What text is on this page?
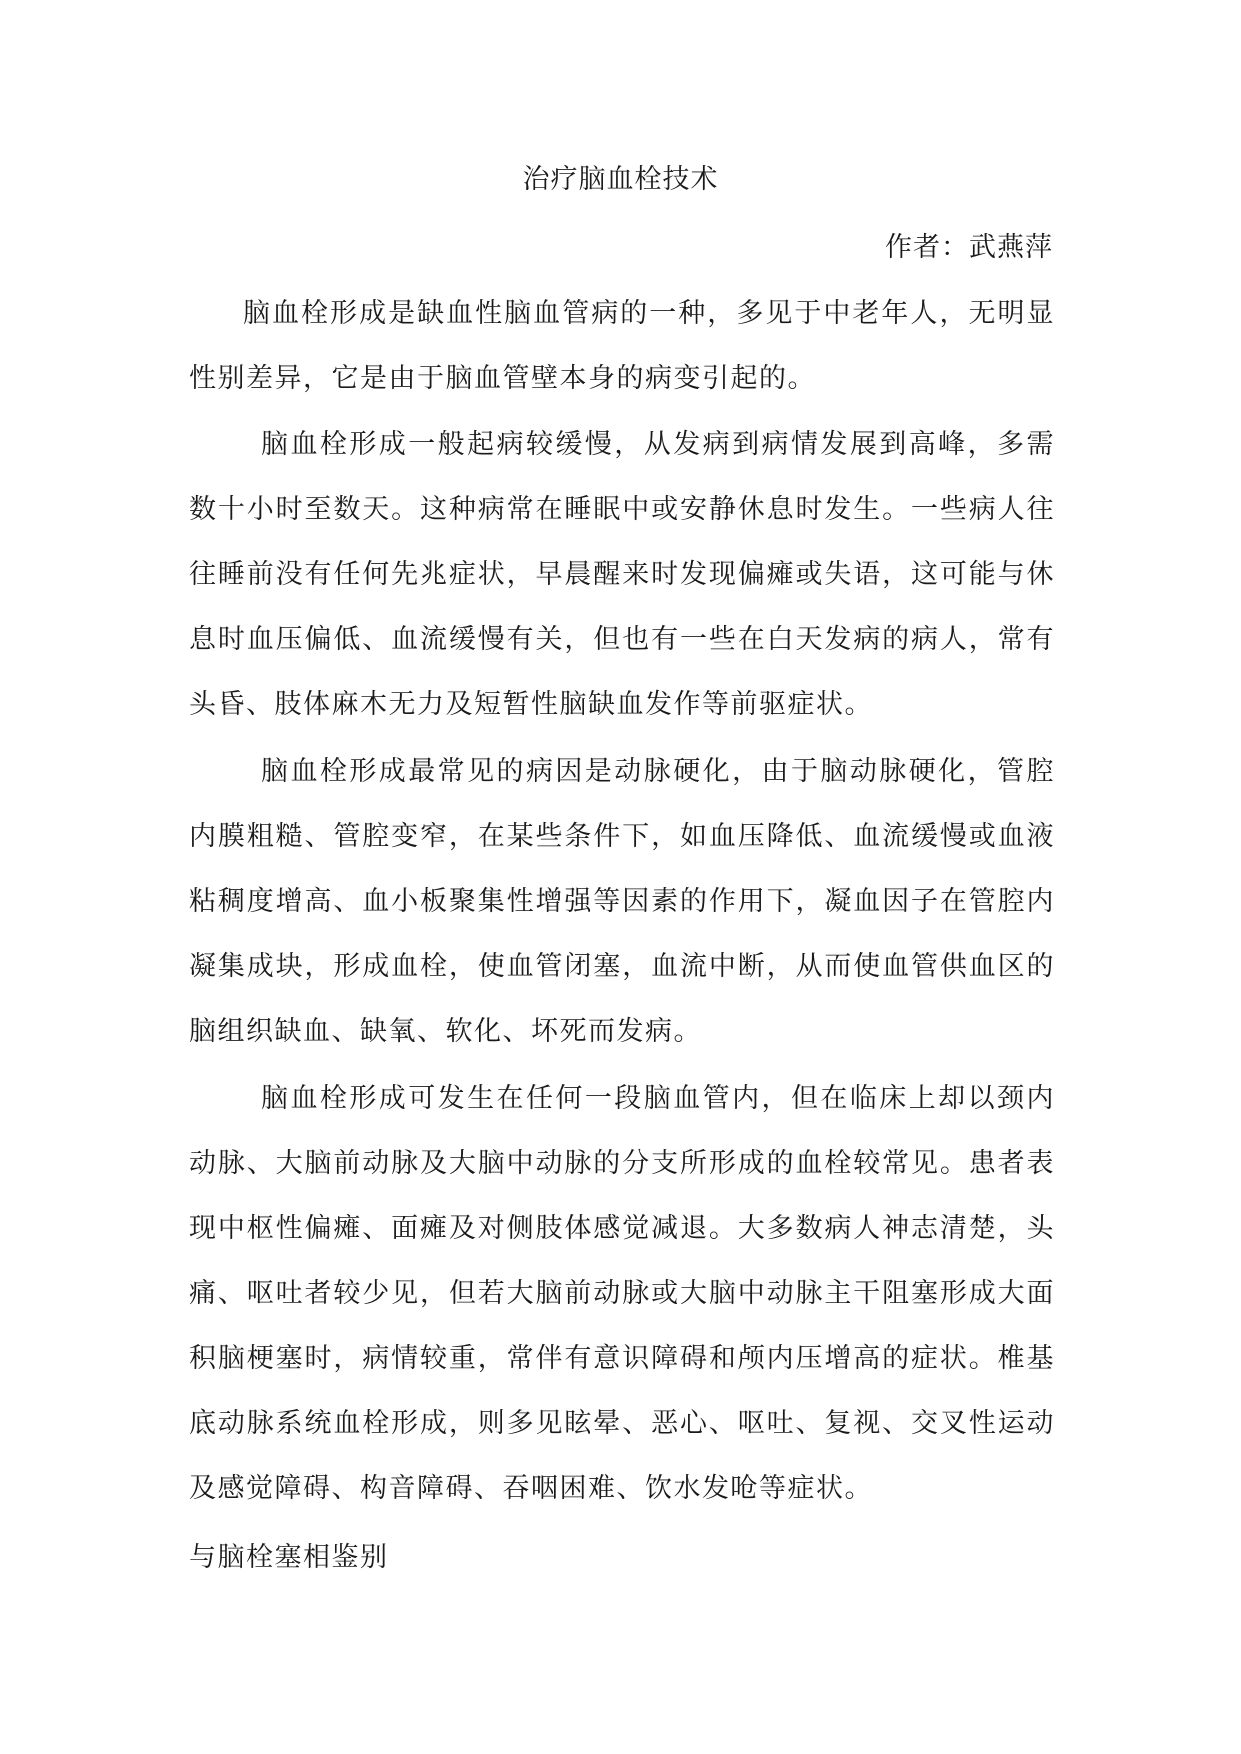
治疗脑血栓技术
作者：武燕萍

脑血栓形成是缺血性脑血管病的一种，多见于中老年人，无明显性别差异，它是由于脑血管壁本身的病变引起的。

脑血栓形成一般起病较缓慢，从发病到病情发展到高峰，多需数十小时至数天。这种病常在睡眠中或安静休息时发生。一些病人往往睡前没有任何先兆症状，早晨醒来时发现偏瘫或失语，这可能与休息时血压偏低、血流缓慢有关，但也有一些在白天发病的病人，常有头昏、肢体麻木无力及短暂性脑缺血发作等前驱症状。

脑血栓形成最常见的病因是动脉硬化，由于脑动脉硬化，管腔内膜粗糙、管腔变窄，在某些条件下，如血压降低、血流缓慢或血液粘稠度增高、血小板聚集性增强等因素的作用下，凝血因子在管腔内凝集成块，形成血栓，使血管闭塞，血流中断，从而使血管供血区的脑组织缺血、缺氧、软化、坏死而发病。

脑血栓形成可发生在任何一段脑血管内，但在临床上却以颈内动脉、大脑前动脉及大脑中动脉的分支所形成的血栓较常见。患者表现中枢性偏瘫、面瘫及对侧肢体感觉减退。大多数病人神志清楚，头痛、呕吐者较少见，但若大脑前动脉或大脑中动脉主干阻塞形成大面积脑梗塞时，病情较重，常伴有意识障碍和颅内压增高的症状。椎基底动脉系统血栓形成，则多见眩晕、恶心、呕吐、复视、交叉性运动及感觉障碍、构音障碍、吞咽困难、饮水发呛等症状。

与脑栓塞相鉴别
